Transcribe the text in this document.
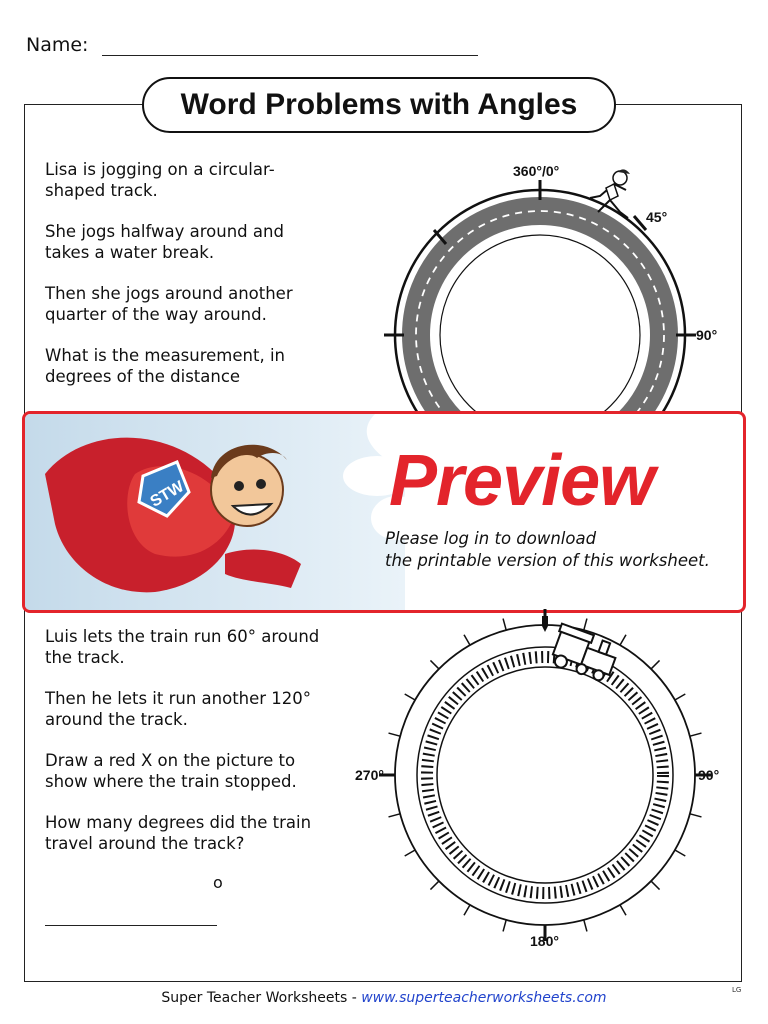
Name:
Word Problems with Angles

Lisa is jogging on a circular-shaped track.

She jogs halfway around and takes a water break.

Then she jogs around another quarter of the way around.

What is the measurement, in degrees of the distance

360°/0°
45°
90°
STW	Preview
Please log in to download
the printable version of this worksheet.

Luis lets the train run 60° around the track.

Then he lets it run another 120° around the track.

Draw a red X on the picture to show where the train stopped.

How many degrees did the train travel around the track?

o
270°	90°
180°
Super Teacher Worksheets - www.superteacherworksheets.com	LG
